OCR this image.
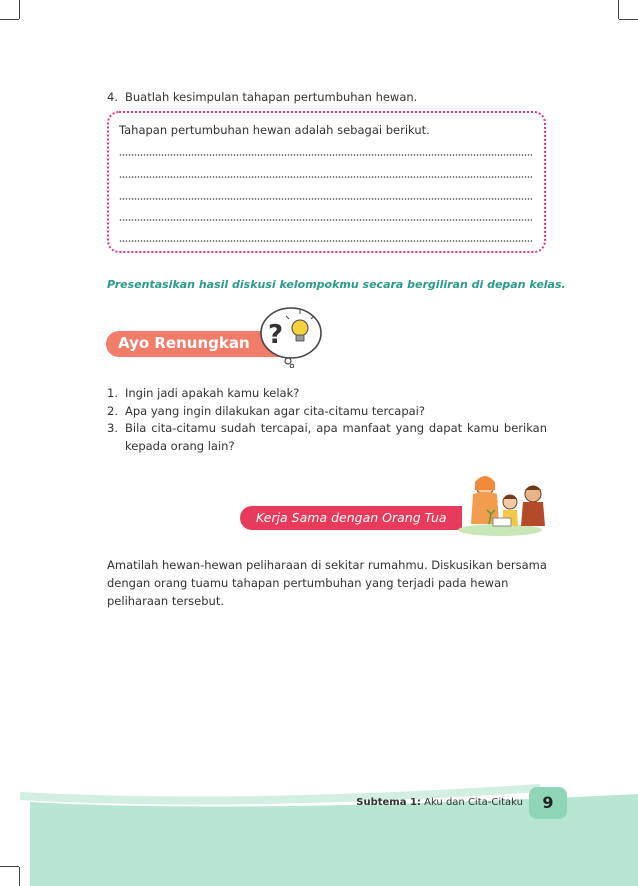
4. Buatlah kesimpulan tahapan pertumbuhan hewan.
Tahapan pertumbuhan hewan adalah sebagai berikut.
Presentasikan hasil diskusi kelompokmu secara bergiliran di depan kelas.
Ayo Renungkan ?
1. Ingin jadi apakah kamu kelak?
2. Apa yang ingin dilakukan agar cita-citamu tercapai?
3. Bila cita-citamu sudah tercapai, apa manfaat yang dapat kamu berikan kepada orang lain?
Kerja Sama dengan Orang Tua
Amatilah hewan-hewan peliharaan di sekitar rumahmu. Diskusikan bersama dengan orang tuamu tahapan pertumbuhan yang terjadi pada hewan peliharaan tersebut.
Subtema 1: Aku dan Cita-Citaku	9
